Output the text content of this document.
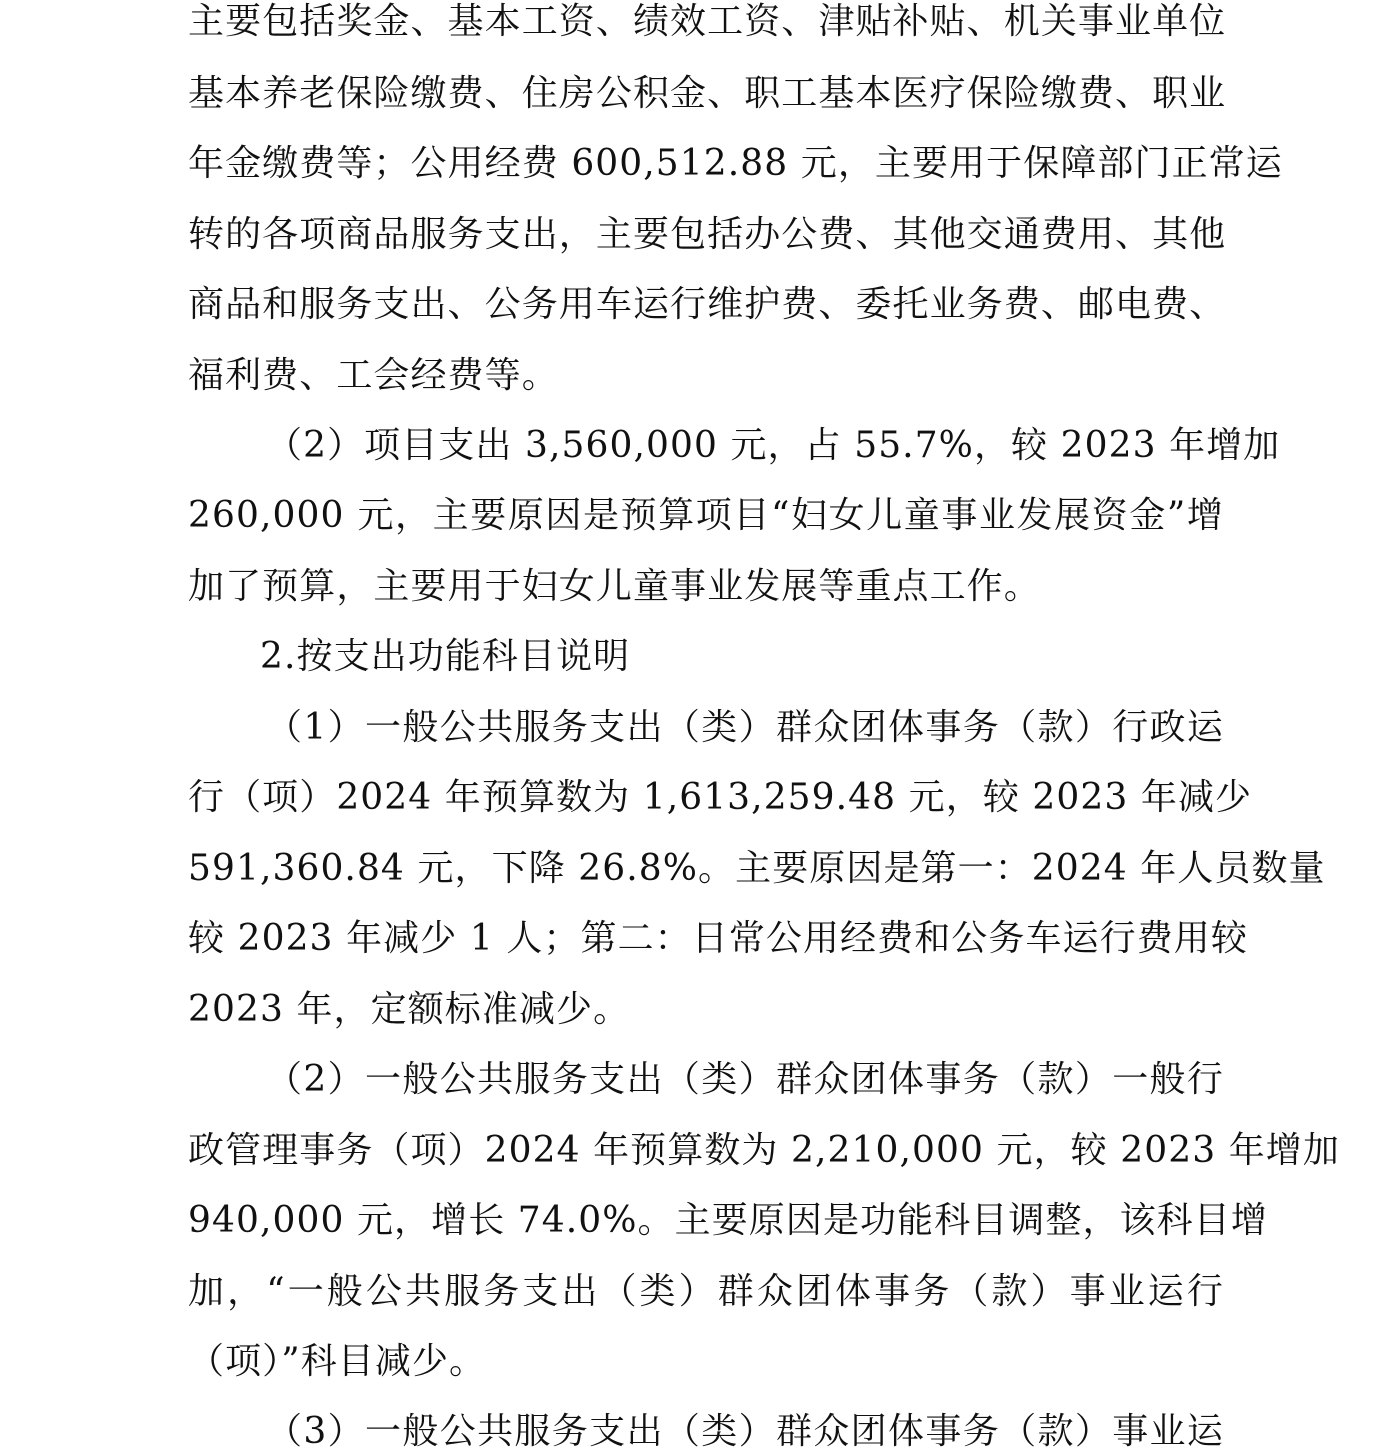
主要包括奖金、基本工资、绩效工资、津贴补贴、机关事业单位
基本养老保险缴费、住房公积金、职工基本医疗保险缴费、职业
年金缴费等；公用经费 600,512.88 元，主要用于保障部门正常运
转的各项商品服务支出，主要包括办公费、其他交通费用、其他
商品和服务支出、公务用车运行维护费、委托业务费、邮电费、
福利费、工会经费等。
（2）项目支出 3,560,000 元，占 55.7%，较 2023 年增加
260,000 元，主要原因是预算项目“妇女儿童事业发展资金”增
加了预算，主要用于妇女儿童事业发展等重点工作。
2.按支出功能科目说明
（1）一般公共服务支出（类）群众团体事务（款）行政运
行（项）2024 年预算数为 1,613,259.48 元，较 2023 年减少
591,360.84 元，下降 26.8%。主要原因是第一：2024 年人员数量
较 2023 年减少 1 人；第二：日常公用经费和公务车运行费用较
2023 年，定额标准减少。
（2）一般公共服务支出（类）群众团体事务（款）一般行
政管理事务（项）2024 年预算数为 2,210,000 元，较 2023 年增加
940,000 元，增长 74.0%。主要原因是功能科目调整，该科目增
加，“一般公共服务支出（类）群众团体事务（款）事业运行
（项）”科目减少。
（3）一般公共服务支出（类）群众团体事务（款）事业运
